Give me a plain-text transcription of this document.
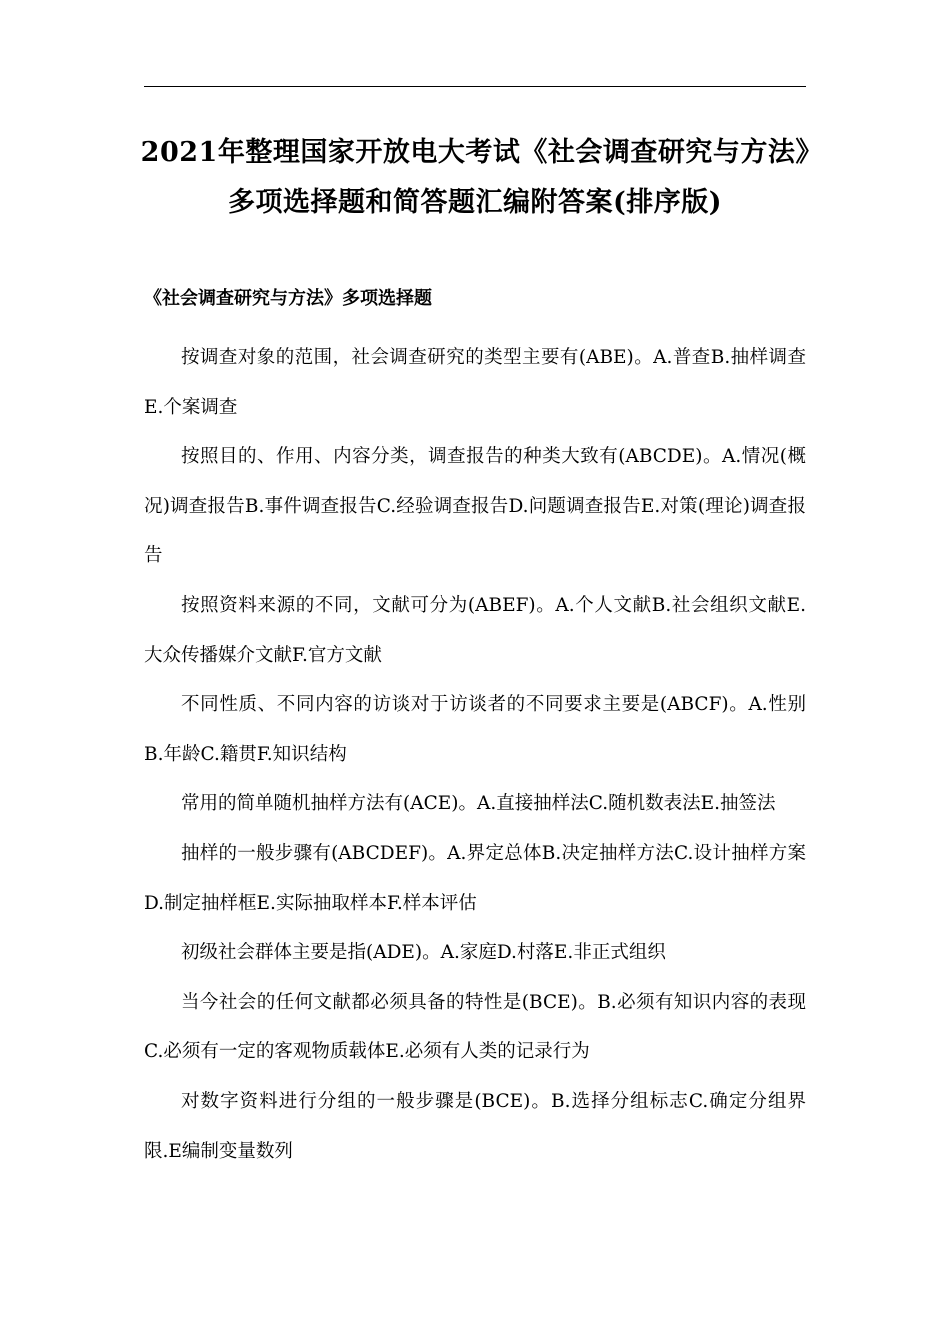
2021年整理国家开放电大考试《社会调查研究与方法》多项选择题和简答题汇编附答案(排序版)
《社会调查研究与方法》多项选择题

按调查对象的范围，社会调查研究的类型主要有(ABE)。A.普查B.抽样调查E.个案调查

按照目的、作用、内容分类，调查报告的种类大致有(ABCDE)。A.情况(概况)调查报告B.事件调查报告C.经验调查报告D.问题调查报告E.对策(理论)调查报告

按照资料来源的不同，文献可分为(ABEF)。A.个人文献B.社会组织文献E.大众传播媒介文献F.官方文献

不同性质、不同内容的访谈对于访谈者的不同要求主要是(ABCF)。A.性别B.年龄C.籍贯F.知识结构

常用的简单随机抽样方法有(ACE)。A.直接抽样法C.随机数表法E.抽签法

抽样的一般步骤有(ABCDEF)。A.界定总体B.决定抽样方法C.设计抽样方案D.制定抽样框E.实际抽取样本F.样本评估

初级社会群体主要是指(ADE)。A.家庭D.村落E.非正式组织

当今社会的任何文献都必须具备的特性是(BCE)。B.必须有知识内容的表现C.必须有一定的客观物质载体E.必须有人类的记录行为

对数字资料进行分组的一般步骤是(BCE)。B.选择分组标志C.确定分组界限.E编制变量数列
